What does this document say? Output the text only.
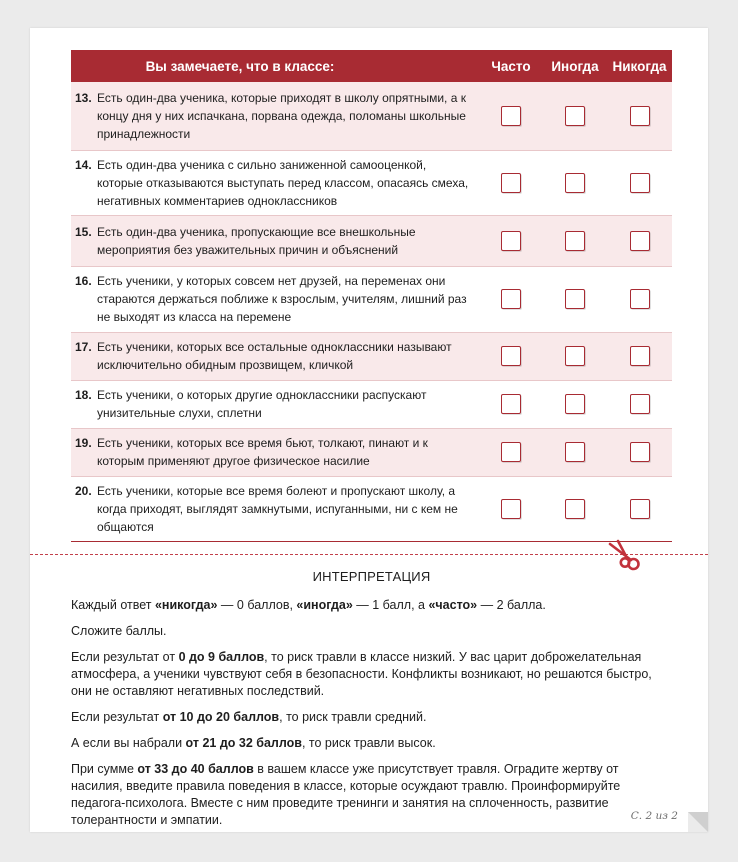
Вы замечаете, что в классе:	Часто	Иногда	Никогда

13. Есть один-два ученика, которые приходят в школу опрятными, а к концу дня у них испачкана, порвана одежда, поломаны школьные принадлежности			

14. Есть один-два ученика с сильно заниженной самооценкой, которые отказываются выступать перед классом, опасаясь смеха, негативных комментариев одноклассников			

15. Есть один-два ученика, пропускающие все внешкольные мероприятия без уважительных причин и объяснений			

16. Есть ученики, у которых совсем нет друзей, на переменах они стараются держаться поближе к взрослым, учителям, лишний раз не выходят из класса на перемене			

17. Есть ученики, которых все остальные одноклассники называют исключительно обидным прозвищем, кличкой			

18. Есть ученики, о которых другие одноклассники распускают унизительные слухи, сплетни			

19. Есть ученики, которых все время бьют, толкают, пинают и к которым применяют другое физическое насилие			

20. Есть ученики, которые все время болеют и пропускают школу, а когда приходят, выглядят замкнутыми, испуганными, ни с кем не общаются			

ИНТЕРПРЕТАЦИЯ

Каждый ответ «никогда» — 0 баллов, «иногда» — 1 балл, а «часто» — 2 балла.

Сложите баллы.

Если результат от 0 до 9 баллов, то риск травли в классе низкий. У вас царит доброжелательная атмосфера, а ученики чувствуют себя в безопасности. Конфликты возникают, но решаются быстро, они не оставляют негативных последствий.

Если результат от 10 до 20 баллов, то риск травли средний.

А если вы набрали от 21 до 32 баллов, то риск травли высок.

При сумме от 33 до 40 баллов в вашем классе уже присутствует травля. Оградите жертву от насилия, введите правила поведения в классе, которые осуждают травлю. Проинформируйте педагога-психолога. Вместе с ним проведите тренинги и занятия на сплоченность, развитие толерантности и эмпатии.	С. 2 из 2
